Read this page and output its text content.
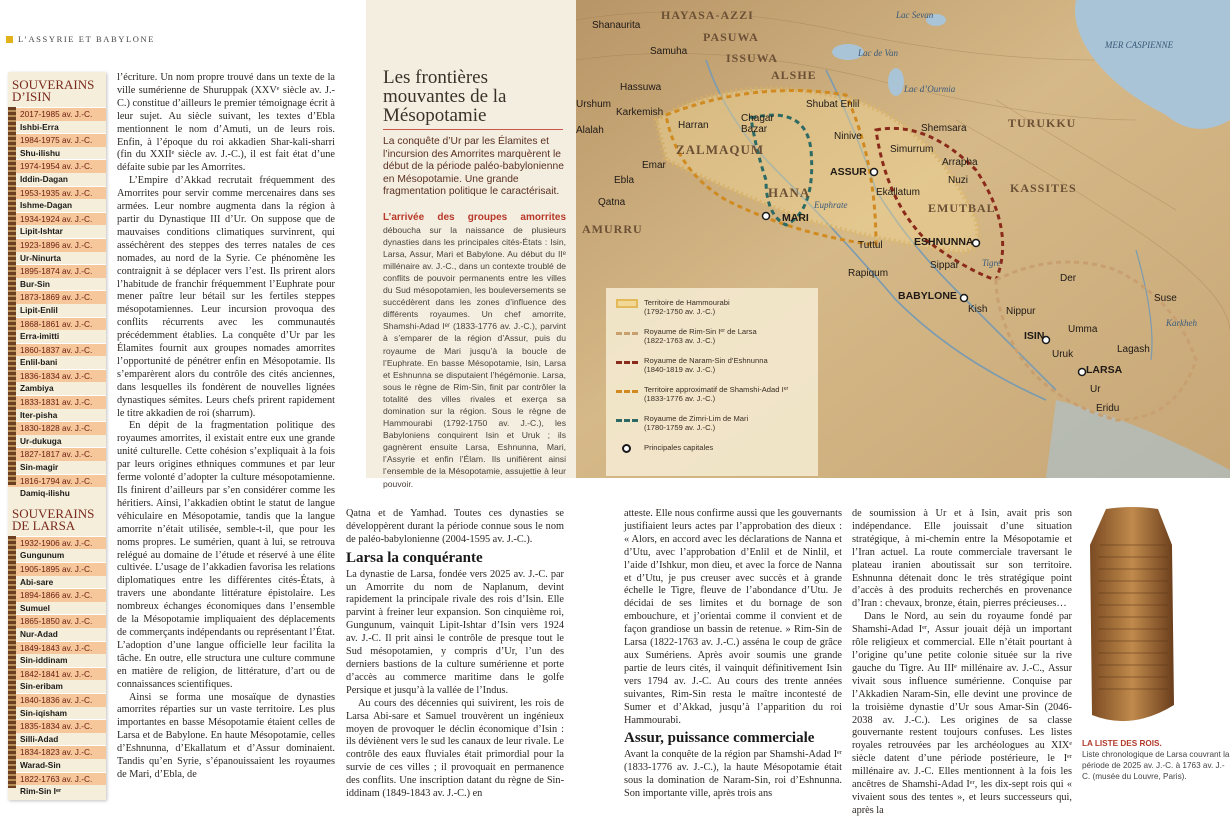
L’ASSYRIE ET BABYLONE
SOUVERAINS D’ISIN
2017-1985 av. J.-C.
Ishbi-Erra
1984-1975 av. J.-C.
Shu-ilishu
1974-1954 av. J.-C.
Iddin-Dagan
1953-1935 av. J.-C.
Ishme-Dagan
1934-1924 av. J.-C.
Lipit-Ishtar
1923-1896 av. J.-C.
Ur-Ninurta
1895-1874 av. J.-C.
Bur-Sin
1873-1869 av. J.-C.
Lipit-Enlil
1868-1861 av. J.-C.
Erra-imitti
1860-1837 av. J.-C.
Enlil-bani
1836-1834 av. J.-C.
Zambiya
1833-1831 av. J.-C.
Iter-pisha
1830-1828 av. J.-C.
Ur-dukuga
1827-1817 av. J.-C.
Sin-magir
1816-1794 av. J.-C.
Damiq-ilishu
SOUVERAINS DE LARSA
1932-1906 av. J.-C.
Gungunum
1905-1895 av. J.-C.
Abi-sare
1894-1866 av. J.-C.
Sumuel
1865-1850 av. J.-C.
Nur-Adad
1849-1843 av. J.-C.
Sin-iddinam
1842-1841 av. J.-C.
Sin-eribam
1840-1836 av. J.-C.
Sin-iqisham
1835-1834 av. J.-C.
Silli-Adad
1834-1823 av. J.-C.
Warad-Sin
1822-1763 av. J.-C.
Rim-Sin Iᵉʳ

l’écriture. Un nom propre trouvé dans un texte de la ville sumérienne de Shuruppak (XXVᵉ siècle av. J.-C.) constitue d’ailleurs le premier témoignage écrit à leur sujet. Au siècle suivant, les textes d’Ebla mentionnent le nom d’Amuti, un de leurs rois. Enfin, à l’époque du roi akkadien Shar-kali-sharri (fin du XXIIᵉ siècle av. J.-C.), il est fait état d’une défaite subie par les Amorrites.

L’Empire d’Akkad recrutait fréquemment des Amorrites pour servir comme mercenaires dans ses armées. Leur nombre augmenta dans la région à partir du Dynastique III d’Ur. On suppose que de mauvaises conditions climatiques survinrent, qui asséchèrent des steppes des terres natales de ces nomades, au nord de la Syrie. Ce phénomène les contraignit à se déplacer vers l’est. Ils prirent alors l’habitude de franchir fréquemment l’Euphrate pour mener paître leur bétail sur les fertiles steppes mésopotamiennes. Leur incursion provoqua des conflits récurrents avec les communautés précédemment établies. La conquête d’Ur par les Élamites fournit aux groupes nomades amorrites l’opportunité de pénétrer enfin en Mésopotamie. Ils s’emparèrent alors du contrôle des cités anciennes, dans lesquelles ils fondèrent de nouvelles lignées dynastiques sémites. Leurs chefs prirent rapidement le titre akkadien de roi (sharrum).

En dépit de la fragmentation politique des royaumes amorrites, il existait entre eux une grande unité culturelle. Cette cohésion s’expliquait à la fois par leurs origines ethniques communes et par leur ferme volonté d’adopter la culture mésopotamienne. Ils finirent d’ailleurs par s’en considérer comme les héritiers. Ainsi, l’akkadien obtint le statut de langue véhiculaire en Mésopotamie, tandis que la langue amorrite n’était utilisée, semble-t-il, que pour les noms propres. Le sumérien, quant à lui, se retrouva relégué au domaine de l’étude et réservé à une élite cultivée. L’usage de l’akkadien favorisa les relations diplomatiques entre les différentes cités-États, à travers une abondante littérature épistolaire. Les nombreux échanges économiques dans l’ensemble de la Mésopotamie impliquaient des déplacements de commerçants indépendants ou représentant l’État. L’adoption d’une langue officielle leur facilita la tâche. En outre, elle structura une culture commune en matière de religion, de littérature, d’art ou de connaissances scientifiques.

Ainsi se forma une mosaïque de dynasties amorrites réparties sur un vaste territoire. Les plus importantes en basse Mésopotamie étaient celles de Larsa et de Babylone. En haute Mésopotamie, celles d’Eshnunna, d’Ekallatum et d’Assur dominaient. Tandis qu’en Syrie, s’épanouissaient les royaumes de Mari, d’Ebla, de

Les frontières mouvantes de la Mésopotamie
La conquête d’Ur par les Élamites et l’incursion des Amorrites marquèrent le début de la période paléo-babylonienne en Mésopotamie. Une grande fragmentation politique le caractérisait.
L’arrivée des groupes amorrites déboucha sur la naissance de plusieurs dynasties dans les principales cités-États : Isin, Larsa, Assur, Mari et Babylone. Au début du IIᵉ millénaire av. J.-C., dans un contexte troublé de conflits de pouvoir permanents entre les villes du Sud mésopotamien, les bouleversements se succédèrent dans les zones d’influence des différents royaumes. Un chef amorrite, Shamshi-Adad Iᵉʳ (1833-1776 av. J.-C.), parvint à s’emparer de la région d’Assur, puis du royaume de Mari jusqu’à la boucle de l’Euphrate. En basse Mésopotamie, Isin, Larsa et Eshnunna se disputaient l’hégémonie. Larsa, sous le règne de Rim-Sin, finit par contrôler la totalité des villes rivales et exerça sa domination sur la région. Sous le règne de Hammourabi (1792-1750 av. J.-C.), les Babyloniens conquirent Isin et Uruk ; ils gagnèrent ensuite Larsa, Eshnunna, Mari, l’Assyrie et enfin l’Élam. Ils unifièrent ainsi l’ensemble de la Mésopotamie, assujettie à leur pouvoir.
HAYASA-AZZI
PASUWA
ISSUWA
ALSHE
ZALMAQUM
HANA
AMURRU
TURUKKU
KASSITES
EMUTBAL
MER CASPIENNE
Lac Sevan
Lac de Van
Lac d’Ourmia
Tigre
Euphrate
Karkheh
Shanaurita
Samuha
Hassuwa
Urshum
Karkemish
Alalah
Ebla
Qatna
Emar
Harran
Chagar Bazar
Shubat Enlil
Ninive
Shemsara
Simurrum
ASSUR
Arrapha
Ekallatum
Nuzi
MARI
Tuttul	ESHNUNNA
Rapiqum
Sippar
BABYLONE
Kish Nippur
ISIN
Umma
Uruk	Lagash
LARSA
Ur
Eridu
Der
Suse
Territoire de Hammourabi
(1792-1750 av. J.-C.)
Royaume de Rim-Sin Iᵉʳ de Larsa
(1822-1763 av. J.-C.)
Royaume de Naram-Sin d’Eshnunna
(1840-1819 av. J.-C.)
Territoire approximatif de Shamshi-Adad Iᵉʳ
(1833-1776 av. J.-C.)
Royaume de Zimri-Lim de Mari
(1780-1759 av. J.-C.)
Principales capitales

Qatna et de Yamhad. Toutes ces dynasties se développèrent durant la période connue sous le nom de paléo-babylonienne (2004-1595 av. J.-C.).

Larsa la conquérante

La dynastie de Larsa, fondée vers 2025 av. J.-C. par un Amorrite du nom de Naplanum, devint rapidement la principale rivale des rois d’Isin. Elle parvint à freiner leur expansion. Son cinquième roi, Gungunum, vainquit Lipit-Ishtar d’Isin vers 1924 av. J.-C. Il prit ainsi le contrôle de presque tout le Sud mésopotamien, y compris d’Ur, l’un des derniers bastions de la culture sumérienne et porte d’accès au commerce maritime dans le golfe Persique et jusqu’à la vallée de l’Indus.

Au cours des décennies qui suivirent, les rois de Larsa Abi-sare et Samuel trouvèrent un ingénieux moyen de provoquer le déclin économique d’Isin : ils déviènent vers le sud les canaux de leur rivale. Le contrôle des eaux fluviales était primordial pour la survie de ces villes ; il provoquait en permanence des conflits. Une inscription datant du règne de Sin-iddinam (1849-1843 av. J.-C.) en

atteste. Elle nous confirme aussi que les gouvernants justifiaient leurs actes par l’approbation des dieux : « Alors, en accord avec les déclarations de Nanna et d’Utu, avec l’approbation d’Enlil et de Ninlil, et l’aide d’Ishkur, mon dieu, et avec la force de Nanna et d’Utu, je pus creuser avec succès et à grande échelle le Tigre, fleuve de l’abondance d’Utu. Je décidai de ses limites et du bornage de son embouchure, et j’orientai comme il convient et de façon grandiose un bassin de retenue. » Rim-Sin de Larsa (1822-1763 av. J.-C.) asséna le coup de grâce aux Sumériens. Après avoir soumis une grande partie de leurs cités, il vainquit définitivement Isin vers 1794 av. J.-C. Au cours des trente années suivantes, Rim-Sin resta le maître incontesté de Sumer et d’Akkad, jusqu’à l’apparition du roi Hammourabi.

Assur, puissance commerciale

Avant la conquête de la région par Shamshi-Adad Iᵉʳ (1833-1776 av. J.-C.), la haute Mésopotamie était sous la domination de Naram-Sin, roi d’Eshnunna. Son importante ville, après trois ans

de soumission à Ur et à Isin, avait pris son indépendance. Elle jouissait d’une situation stratégique, à mi-chemin entre la Mésopotamie et l’Iran actuel. La route commerciale traversant le plateau iranien aboutissait sur son territoire. Eshnunna détenait donc le très stratégique point d’accès à des produits recherchés en provenance d’Iran : chevaux, bronze, étain, pierres précieuses…

Dans le Nord, au sein du royaume fondé par Shamshi-Adad Iᵉʳ, Assur jouait déjà un important rôle religieux et commercial. Elle n’était pourtant à l’origine qu’une petite colonie située sur la rive gauche du Tigre. Au IIIᵉ millénaire av. J.-C., Assur vivait sous influence sumérienne. Conquise par l’Akkadien Naram-Sin, elle devint une province de la troisième dynastie d’Ur sous Amar-Sin (2046-2038 av. J.-C.). Les origines de sa classe gouvernante restent toujours confuses. Les listes royales retrouvées par les archéologues au XIXᵉ siècle datent d’une période postérieure, le Iᵉʳ millénaire av. J.-C. Elles mentionnent à la fois les ancêtres de Shamshi-Adad Iᵉʳ, les dix-sept rois qui « vivaient sous des tentes », et leurs successeurs qui, après la

LA LISTE DES ROIS.
Liste chronologique de Larsa couvrant la période de 2025 av. J.-C. à 1763 av. J.-C. (musée du Louvre, Paris).
